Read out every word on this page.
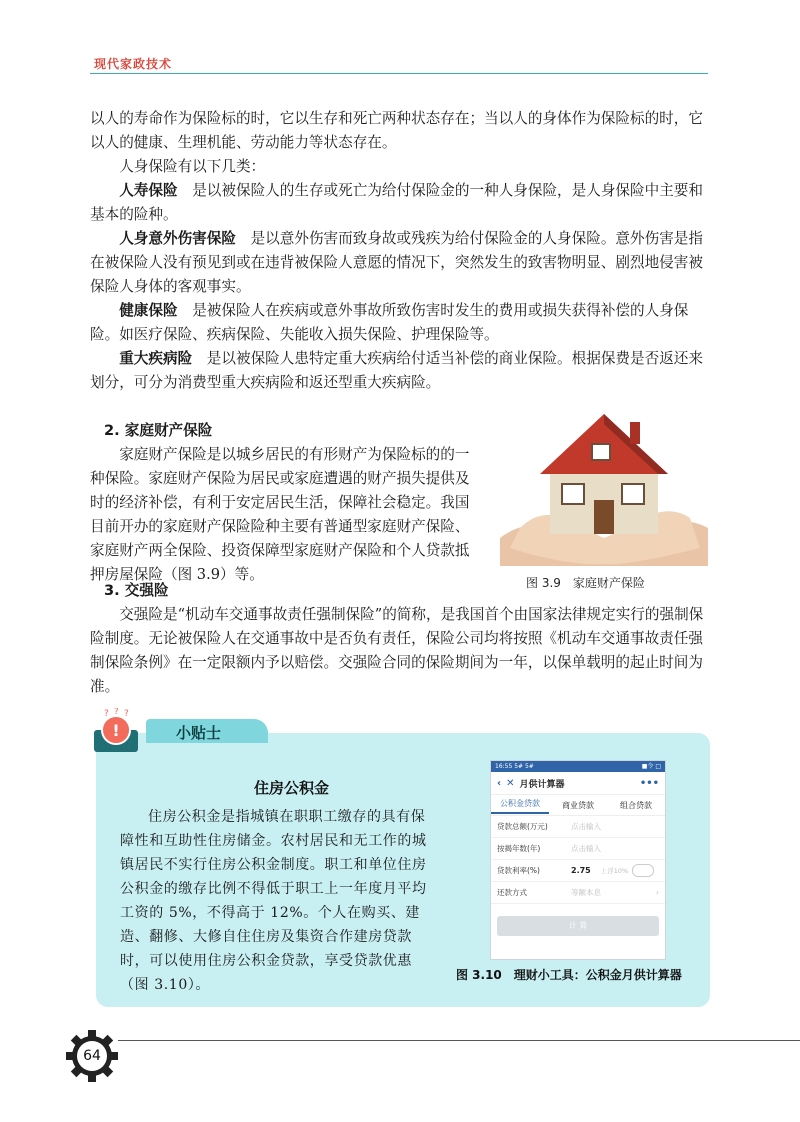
现代家政技术

以人的寿命作为保险标的时，它以生存和死亡两种状态存在；当以人的身体作为保险标的时，它以人的健康、生理机能、劳动能力等状态存在。

人身保险有以下几类：

人寿保险　 是以被保险人的生存或死亡为给付保险金的一种人身保险，是人身保险中主要和基本的险种。

人身意外伤害保险　 是以意外伤害而致身故或残疾为给付保险金的人身保险。意外伤害是指在被保险人没有预见到或在违背被保险人意愿的情况下，突然发生的致害物明显、剧烈地侵害被保险人身体的客观事实。

健康保险　 是被保险人在疾病或意外事故所致伤害时发生的费用或损失获得补偿的人身保险。如医疗保险、疾病保险、失能收入损失保险、护理保险等。

重大疾病险　 是以被保险人患特定重大疾病给付适当补偿的商业保险。根据保费是否返还来划分，可分为消费型重大疾病险和返还型重大疾病险。

2. 家庭财产保险

家庭财产保险是以城乡居民的有形财产为保险标的的一种保险。家庭财产保险为居民或家庭遭遇的财产损失提供及时的经济补偿，有利于安定居民生活，保障社会稳定。我国目前开办的家庭财产保险险种主要有普通型家庭财产保险、家庭财产两全保险、投资保障型家庭财产保险和个人贷款抵押房屋保险（图 3.9）等。	图 3.9　家庭财产保险

3. 交强险

交强险是“机动车交通事故责任强制保险”的简称，是我国首个由国家法律规定实行的强制保险制度。无论被保险人在交通事故中是否负有责任，保险公司均将按照《机动车交通事故责任强制保险条例》在一定限额内予以赔偿。交强险合同的保险期间为一年，以保单载明的起止时间为准。

小贴士
!
? ? ?
住房公积金

住房公积金是指城镇在职职工缴存的具有保障性和互助性住房储金。农村居民和无工作的城镇居民不实行住房公积金制度。职工和单位住房公积金的缴存比例不得低于职工上一年度月平均工资的 5%，不得高于 12%。个人在购买、建造、翻修、大修自住住房及集资合作建房贷款时，可以使用住房公积金贷款，享受贷款优惠（图 3.10）。

16:55 5# 5#	■令 □
‹ ✕ 月供计算器	•••
公积金贷款	商业贷款	组合贷款
贷款总额(万元)	点击输入
按揭年数(年)	点击输入
贷款利率(%)	2.75 上浮10%
还款方式	等额本息	›
计 算
图 3.10　理财小工具：公积金月供计算器
64
